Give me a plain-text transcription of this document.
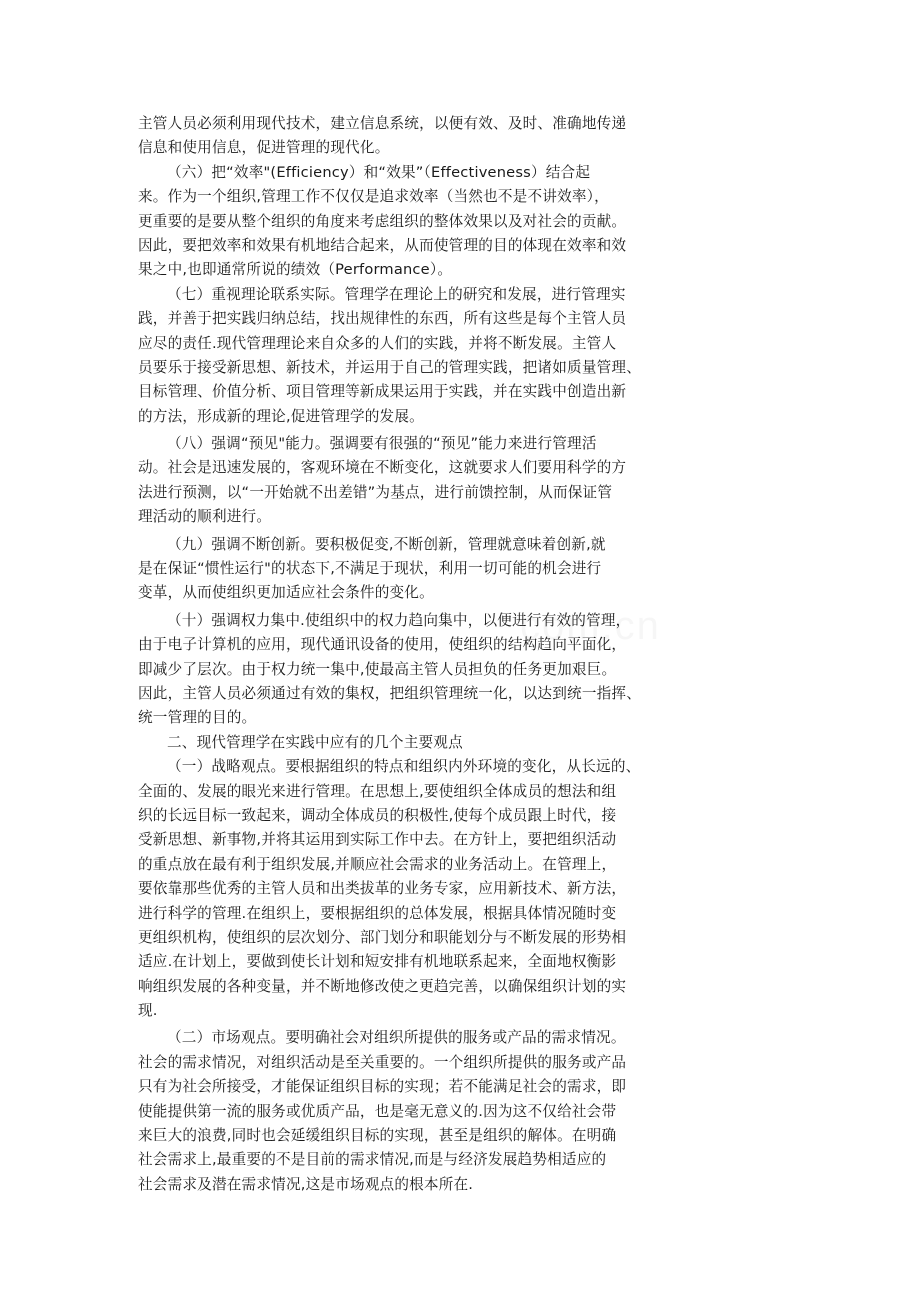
主管人员必须利用现代技术，建立信息系统，以便有效、及时、准确地传递
信息和使用信息，促进管理的现代化。
（六）把“效率"(Efficiency）和“效果”（Effectiveness）结合起
来。作为一个组织,管理工作不仅仅是追求效率（当然也不是不讲效率），
更重要的是要从整个组织的角度来考虑组织的整体效果以及对社会的贡献。
因此，要把效率和效果有机地结合起来，从而使管理的目的体现在效率和效
果之中,也即通常所说的绩效（Performance）。
（七）重视理论联系实际。管理学在理论上的研究和发展，进行管理实
践，并善于把实践归纳总结，找出规律性的东西，所有这些是每个主管人员
应尽的责任.现代管理理论来自众多的人们的实践，并将不断发展。主管人
员要乐于接受新思想、新技术，并运用于自己的管理实践，把诸如质量管理、
目标管理、价值分析、项目管理等新成果运用于实践，并在实践中创造出新
的方法，形成新的理论,促进管理学的发展。
（八）强调“预见"能力。强调要有很强的“预见”能力来进行管理活
动。社会是迅速发展的，客观环境在不断变化，这就要求人们要用科学的方
法进行预测，以“一开始就不出差错”为基点，进行前馈控制，从而保证管
理活动的顺利进行。
（九）强调不断创新。要积极促变,不断创新，管理就意味着创新,就
是在保证“惯性运行"的状态下,不满足于现状，利用一切可能的机会进行
变革，从而使组织更加适应社会条件的变化。
（十）强调权力集中.使组织中的权力趋向集中，以便进行有效的管理，
由于电子计算机的应用，现代通讯设备的使用，使组织的结构趋向平面化，
即减少了层次。由于权力统一集中,使最高主管人员担负的任务更加艰巨。
因此，主管人员必须通过有效的集权，把组织管理统一化，以达到统一指挥、
统一管理的目的。
二、现代管理学在实践中应有的几个主要观点
（一）战略观点。要根据组织的特点和组织内外环境的变化，从长远的、
全面的、发展的眼光来进行管理。在思想上,要使组织全体成员的想法和组
织的长远目标一致起来，调动全体成员的积极性,使每个成员跟上时代，接
受新思想、新事物,并将其运用到实际工作中去。在方针上，要把组织活动
的重点放在最有利于组织发展,并顺应社会需求的业务活动上。在管理上，
要依靠那些优秀的主管人员和出类拔革的业务专家，应用新技术、新方法，
进行科学的管理.在组织上，要根据组织的总体发展，根据具体情况随时变
更组织机构，使组织的层次划分、部门划分和职能划分与不断发展的形势相
适应.在计划上，要做到使长计划和短安排有机地联系起来，全面地权衡影
响组织发展的各种变量，并不断地修改使之更趋完善，以确保组织计划的实
现.
（二）市场观点。要明确社会对组织所提供的服务或产品的需求情况。
社会的需求情况，对组织活动是至关重要的。一个组织所提供的服务或产品
只有为社会所接受，才能保证组织目标的实现；若不能满足社会的需求，即
使能提供第一流的服务或优质产品，也是毫无意义的.因为这不仅给社会带
来巨大的浪费,同时也会延缓组织目标的实现，甚至是组织的解体。在明确
社会需求上,最重要的不是目前的需求情况,而是与经济发展趋势相适应的
社会需求及潜在需求情况,这是市场观点的根本所在.
